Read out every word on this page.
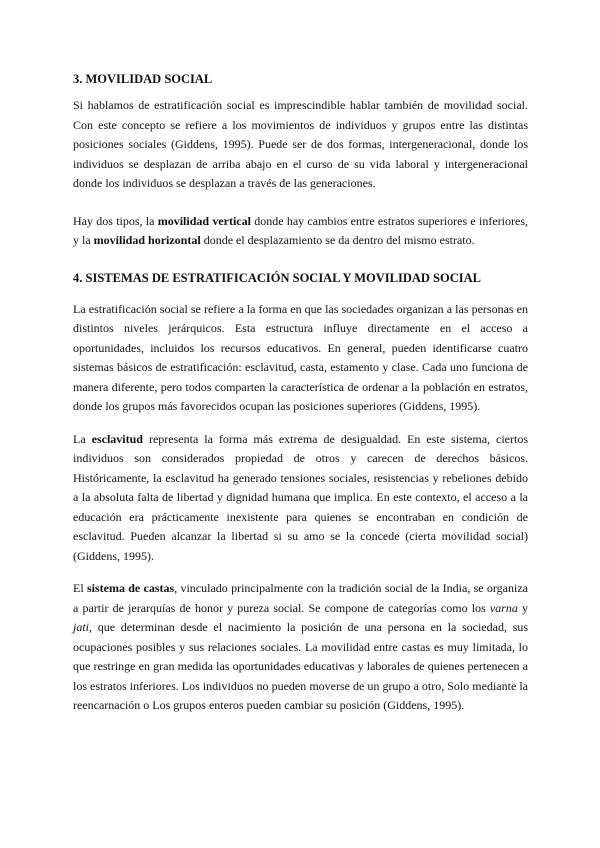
3. MOVILIDAD SOCIAL

Si hablamos de estratificación social es imprescindible hablar también de movilidad social. Con este concepto se refiere a los movimientos de individuos y grupos entre las distintas posiciones sociales (Giddens, 1995). Puede ser de dos formas, intergeneracional, donde los individuos se desplazan de arriba abajo en el curso de su vida laboral y intergeneracional donde los individuos se desplazan a través de las generaciones.

Hay dos tipos, la movilidad vertical donde hay cambios entre estratos superiores e inferiores, y la movilidad horizontal donde el desplazamiento se da dentro del mismo estrato.

4. SISTEMAS DE ESTRATIFICACIÓN SOCIAL Y MOVILIDAD SOCIAL

La estratificación social se refiere a la forma en que las sociedades organizan a las personas en distintos niveles jerárquicos. Esta estructura influye directamente en el acceso a oportunidades, incluidos los recursos educativos. En general, pueden identificarse cuatro sistemas básicos de estratificación: esclavitud, casta, estamento y clase. Cada uno funciona de manera diferente, pero todos comparten la característica de ordenar a la población en estratos, donde los grupos más favorecidos ocupan las posiciones superiores (Giddens, 1995).

La esclavitud representa la forma más extrema de desigualdad. En este sistema, ciertos individuos son considerados propiedad de otros y carecen de derechos básicos. Históricamente, la esclavitud ha generado tensiones sociales, resistencias y rebeliones debido a la absoluta falta de libertad y dignidad humana que implica. En este contexto, el acceso a la educación era prácticamente inexistente para quienes se encontraban en condición de esclavitud. Pueden alcanzar la libertad si su amo se la concede (cierta movilidad social) (Giddens, 1995).

El sistema de castas, vinculado principalmente con la tradición social de la India, se organiza a partir de jerarquías de honor y pureza social. Se compone de categorías como los varna y jati, que determinan desde el nacimiento la posición de una persona en la sociedad, sus ocupaciones posibles y sus relaciones sociales. La movilidad entre castas es muy limitada, lo que restringe en gran medida las oportunidades educativas y laborales de quienes pertenecen a los estratos inferiores. Los individuos no pueden moverse de un grupo a otro, Solo mediante la reencarnación o Los grupos enteros pueden cambiar su posición (Giddens, 1995).
